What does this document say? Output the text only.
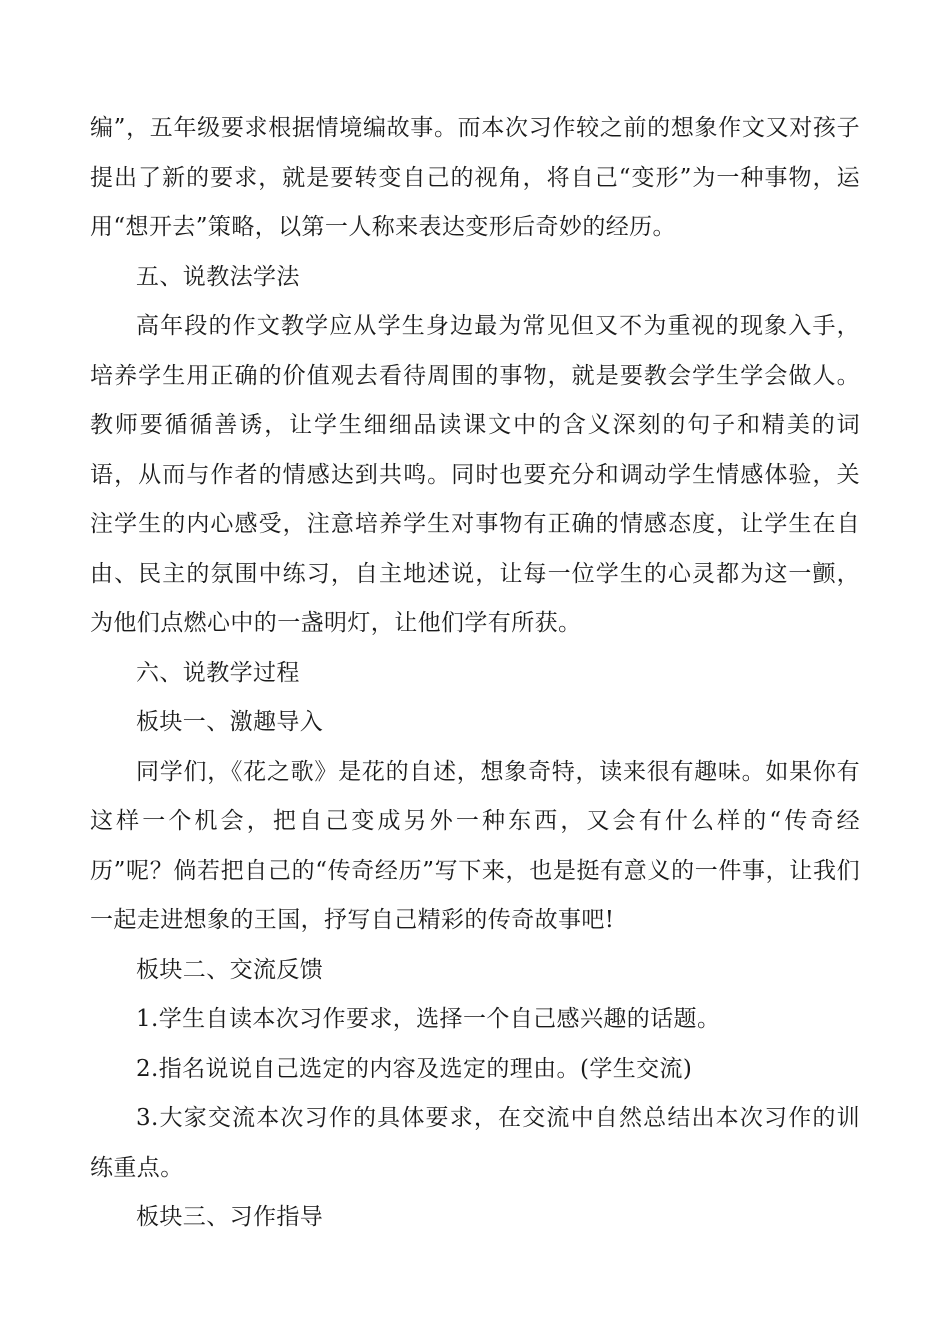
编”，五年级要求根据情境编故事。而本次习作较之前的想象作文又对孩子提出了新的要求，就是要转变自己的视角，将自己“变形”为一种事物，运用“想开去”策略，以第一人称来表达变形后奇妙的经历。

五、说教法学法

高年段的作文教学应从学生身边最为常见但又不为重视的现象入手，培养学生用正确的价值观去看待周围的事物，就是要教会学生学会做人。教师要循循善诱，让学生细细品读课文中的含义深刻的句子和精美的词语，从而与作者的情感达到共鸣。同时也要充分和调动学生情感体验，关注学生的内心感受，注意培养学生对事物有正确的情感态度，让学生在自由、民主的氛围中练习，自主地述说，让每一位学生的心灵都为这一颤，为他们点燃心中的一盏明灯，让他们学有所获。

六、说教学过程

板块一、激趣导入

同学们，《花之歌》是花的自述，想象奇特，读来很有趣味。如果你有这样一个机会，把自己变成另外一种东西，又会有什么样的“传奇经历”呢？倘若把自己的“传奇经历”写下来，也是挺有意义的一件事，让我们一起走进想象的王国，抒写自己精彩的传奇故事吧!

板块二、交流反馈

1.学生自读本次习作要求，选择一个自己感兴趣的话题。

2.指名说说自己选定的内容及选定的理由。(学生交流)

3.大家交流本次习作的具体要求，在交流中自然总结出本次习作的训练重点。

板块三、习作指导
